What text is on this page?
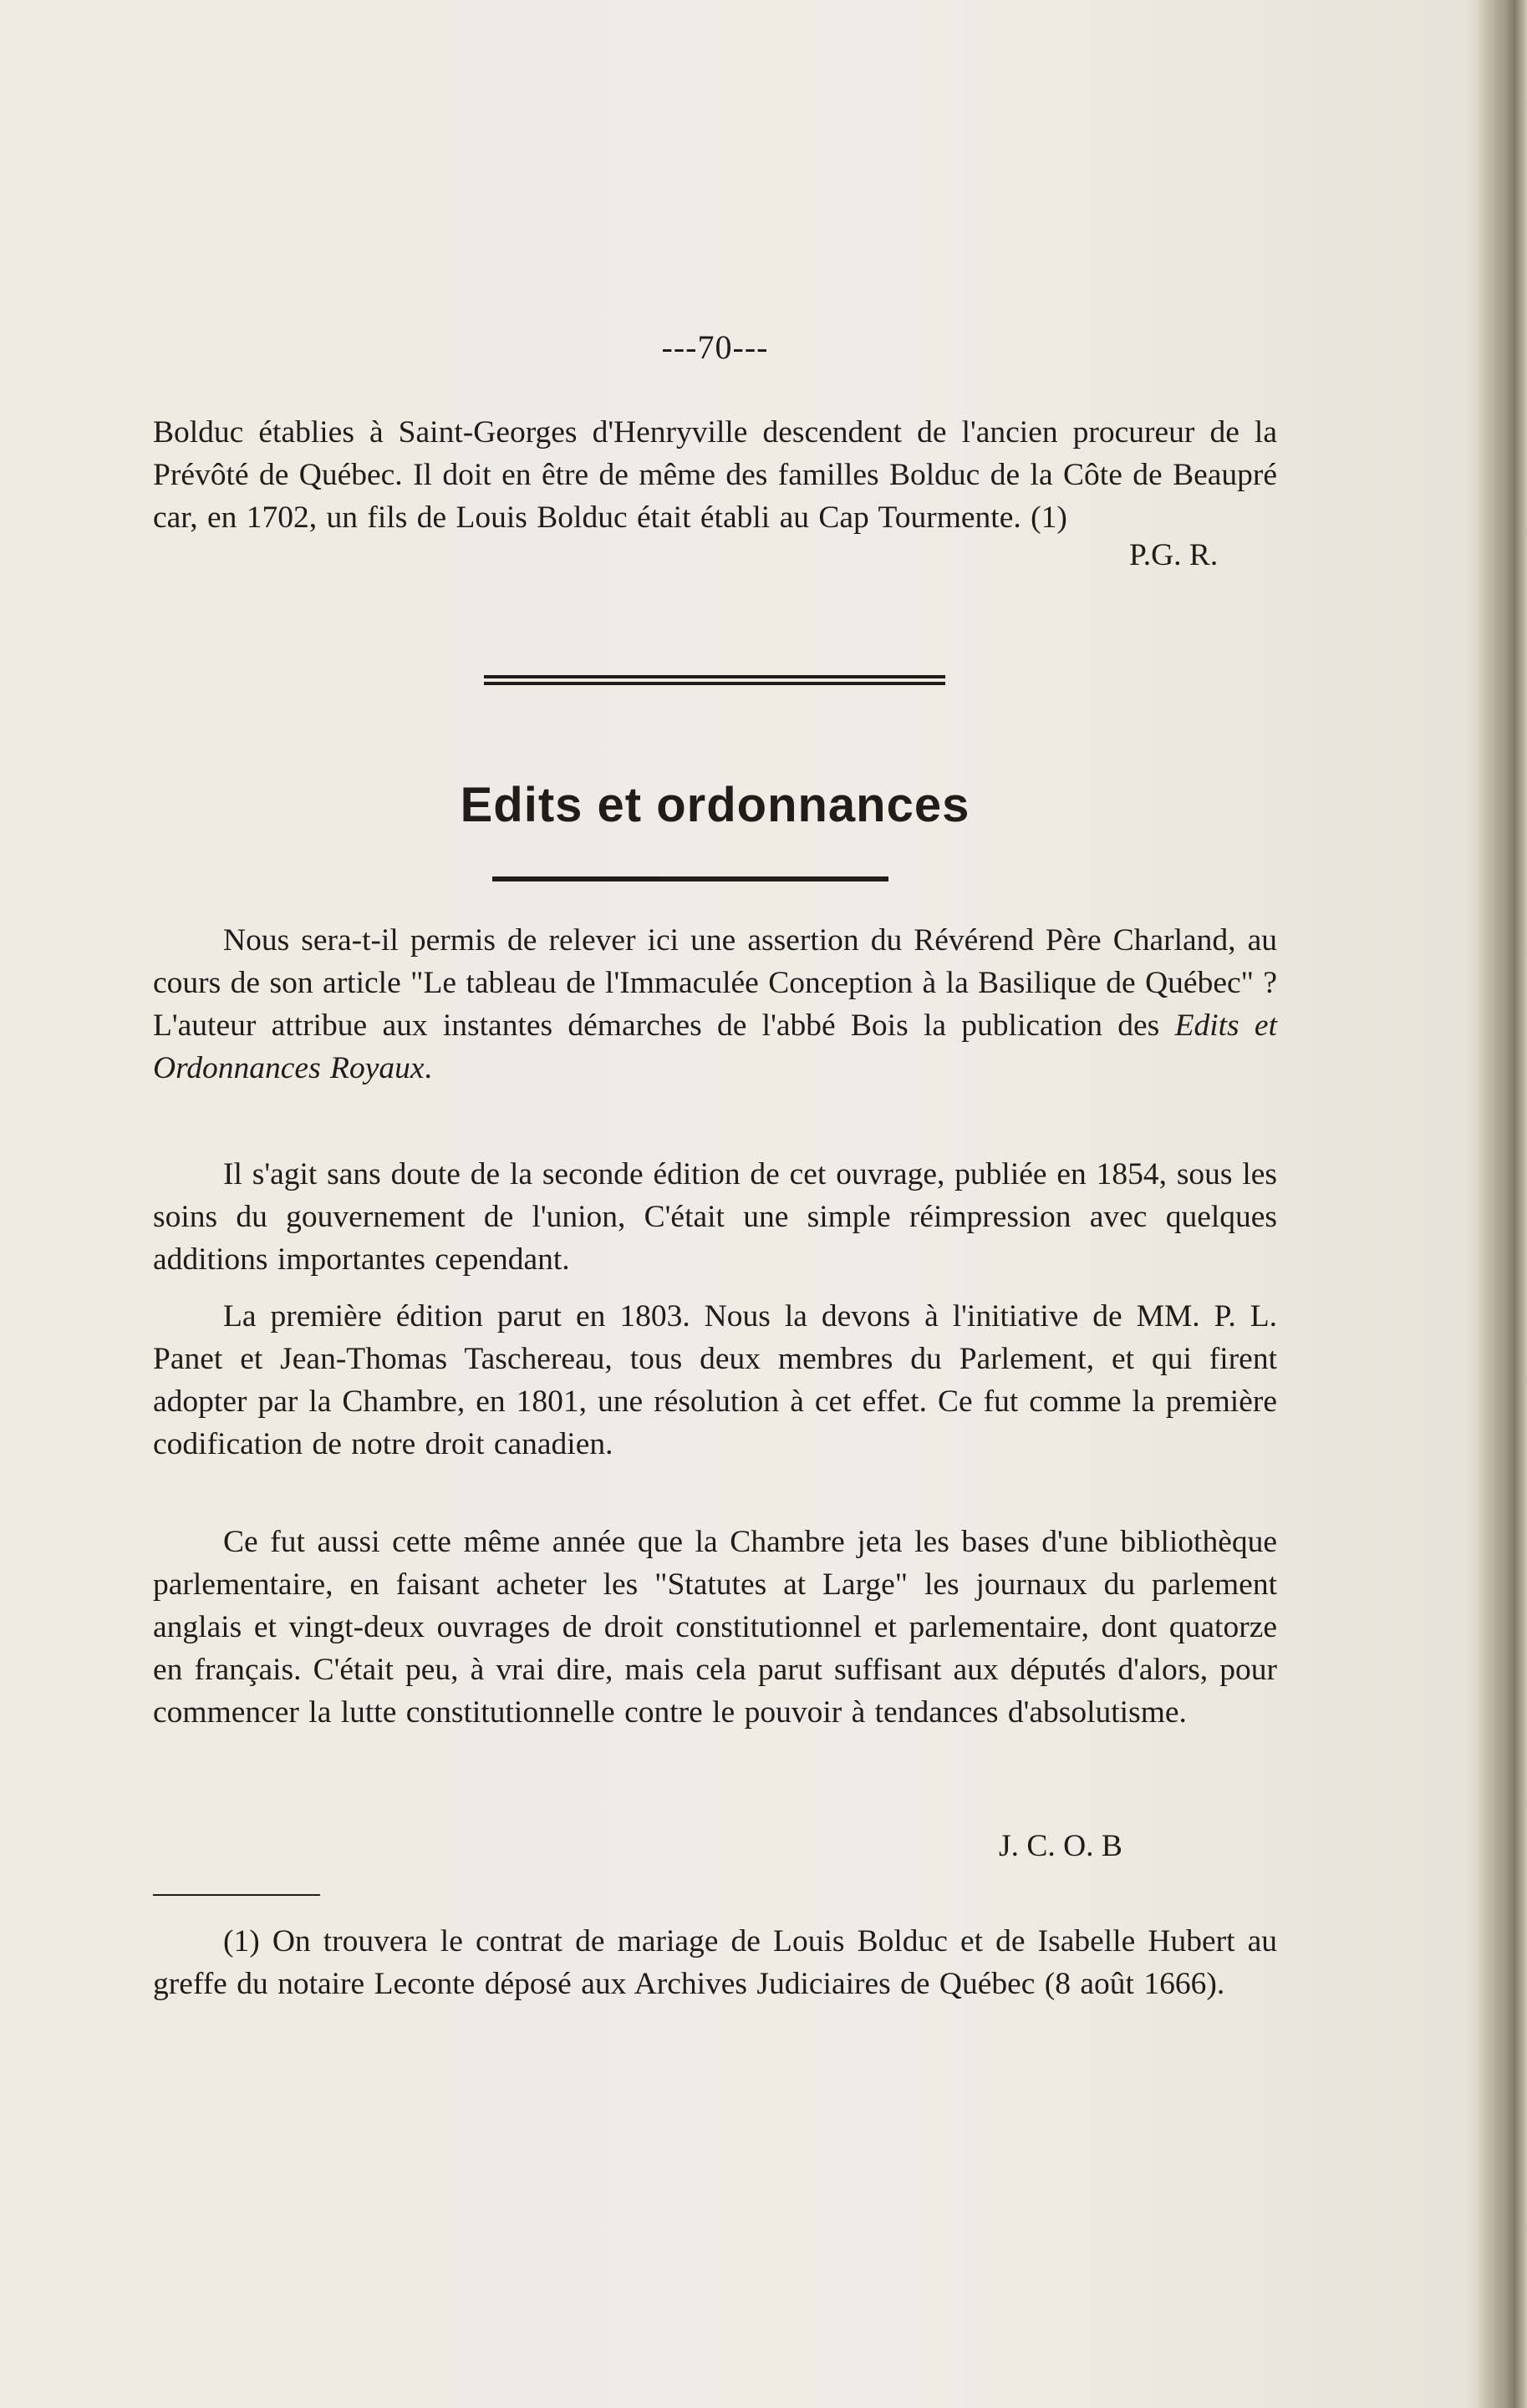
---70---
Bolduc établies à Saint-Georges d'Henryville descendent de l'ancien procureur de la Prévôté de Québec. Il doit en être de même des familles Bolduc de la Côte de Beaupré car, en 1702, un fils de Louis Bolduc était établi au Cap Tourmente. (1)
P.G. R.
Edits et ordonnances
Nous sera-t-il permis de relever ici une assertion du Révérend Père Charland, au cours de son article "Le tableau de l'Immaculée Conception à la Basilique de Québec" ? L'auteur attribue aux instantes démarches de l'abbé Bois la publication des Edits et Ordonnances Royaux.
Il s'agit sans doute de la seconde édition de cet ouvrage, publiée en 1854, sous les soins du gouvernement de l'union, C'était une simple réimpression avec quelques additions importantes cependant.
La première édition parut en 1803. Nous la devons à l'initiative de MM. P. L. Panet et Jean-Thomas Taschereau, tous deux membres du Parlement, et qui firent adopter par la Chambre, en 1801, une résolution à cet effet. Ce fut comme la première codification de notre droit canadien.
Ce fut aussi cette même année que la Chambre jeta les bases d'une bibliothèque parlementaire, en faisant acheter les "Statutes at Large" les journaux du parlement anglais et vingt-deux ouvrages de droit constitutionnel et parlementaire, dont quatorze en français. C'était peu, à vrai dire, mais cela parut suffisant aux députés d'alors, pour commencer la lutte constitutionnelle contre le pouvoir à tendances d'absolutisme.
J. C. O. B
(1) On trouvera le contrat de mariage de Louis Bolduc et de Isabelle Hubert au greffe du notaire Leconte déposé aux Archives Judiciaires de Québec (8 août 1666).
